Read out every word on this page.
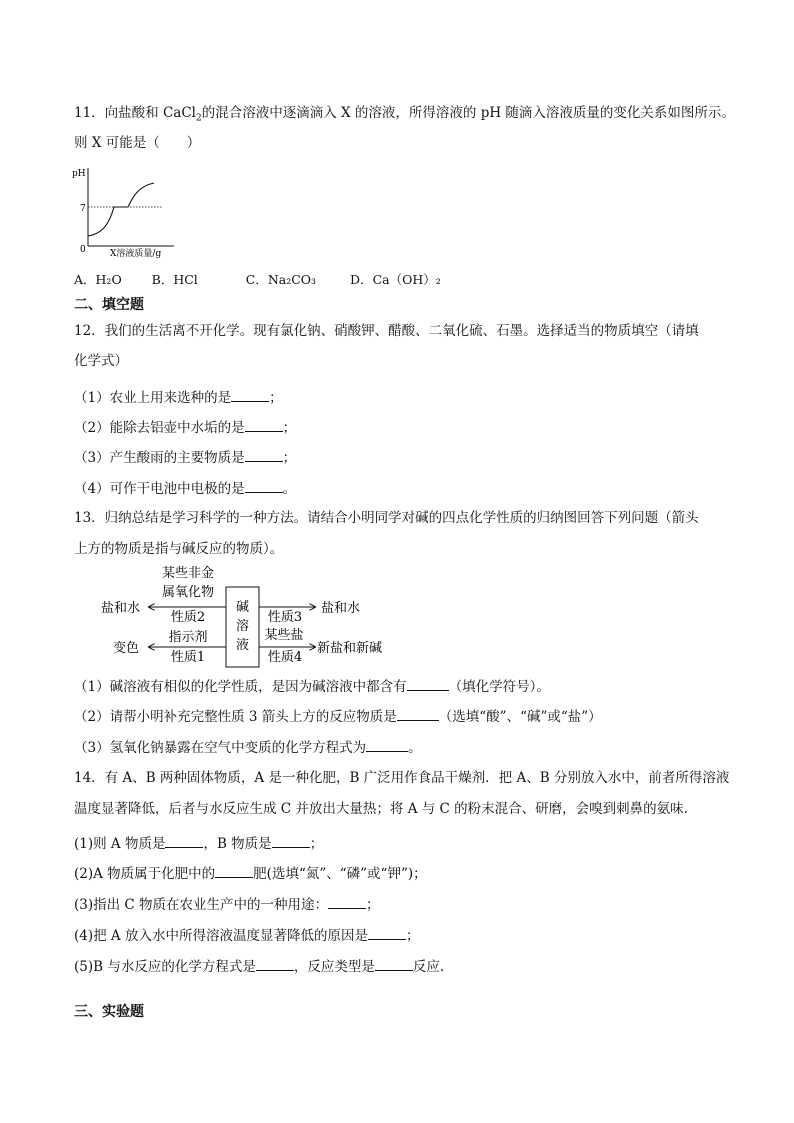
11．向盐酸和 CaCl$_2$的混合溶液中逐滴滴入 X 的溶液，所得溶液的 pH 随滴入溶液质量的变化关系如图所示。
则 X 可能是（　　）
pH
7
0	X溶液质量/g
A．H₂O B．HCl	C．Na₂CO₃	D．Ca（OH）₂
二、填空题
12．我们的生活离不开化学。现有氯化钠、硝酸钾、醋酸、二氧化硫、石墨。选择适当的物质填空（请填
化学式）
（1）农业上用来选种的是	；
（2）能除去铝壶中水垢的是	；
（3）产生酸雨的主要物质是	；
（4）可作干电池中电极的是	。
13．归纳总结是学习科学的一种方法。请结合小明同学对碱的四点化学性质的归纳图回答下列问题（箭头
上方的物质是指与碱反应的物质）。
碱
溶
液
某些非金
属氧化物
盐和水
性质2
指示剂
变色
性质1
性质3
盐和水
某些盐
新盐和新碱
性质4
（1）碱溶液有相似的化学性质，是因为碱溶液中都含有	（填化学符号）。
（2）请帮小明补充完整性质 3 箭头上方的反应物质是	（选填“酸”、“碱”或“盐”）
（3）氢氧化钠暴露在空气中变质的化学方程式为	。
14．有 A、B 两种固体物质，A 是一种化肥，B 广泛用作食品干燥剂．把 A、B 分别放入水中，前者所得溶液
温度显著降低，后者与水反应生成 C 并放出大量热；将 A 与 C 的粉末混合、研磨，会嗅到刺鼻的氨味．
(1)则 A 物质是	，B 物质是	；
(2)A 物质属于化肥中的	肥(选填“氮”、“磷”或“钾”)；
(3)指出 C 物质在农业生产中的一种用途：	；
(4)把 A 放入水中所得溶液温度显著降低的原因是	；
(5)B 与水反应的化学方程式是	，反应类型是	反应.
三、实验题
